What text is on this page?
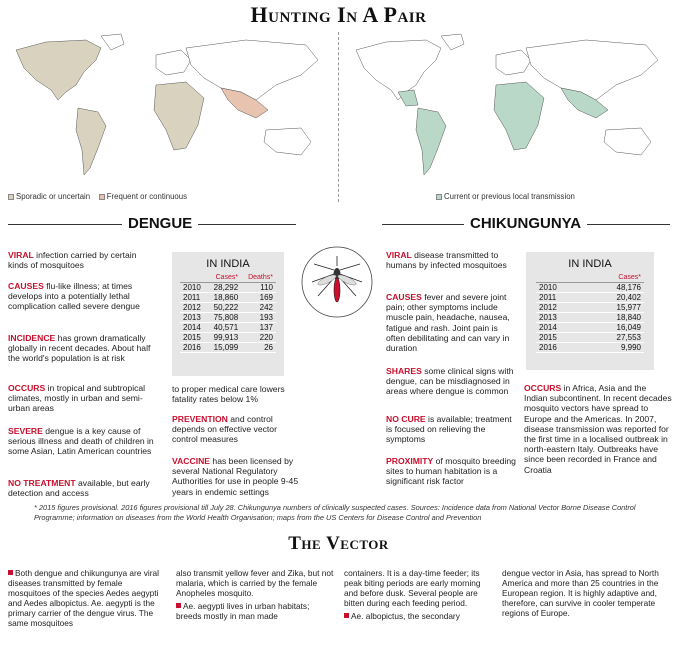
Hunting In A Pair
Sporadic or uncertain Frequent or continuous	Current or previous local transmission
DENGUE	CHIKUNGUNYA
VIRAL infection carried by certain kinds of mosquitoes
CAUSES flu-like illness; at times develops into a potentially lethal complication called severe dengue
INCIDENCE has grown dramatically globally in recent decades. About half the world's population is at risk
OCCURS in tropical and subtropical climates, mostly in urban and semi-urban areas
SEVERE dengue is a key cause of serious illness and death of children in some Asian, Latin American countries
NO TREATMENT available, but early detection and access
IN INDIA
	Cases*	Deaths*
2010	28,292	110
2011	18,860	169
2012	50,222	242
2013	75,808	193
2014	40,571	137
2015	99,913	220
2016	15,099	26
to proper medical care lowers fatality rates below 1%
PREVENTION and control depends on effective vector control measures
VACCINE has been licensed by several National Regulatory Authorities for use in people 9-45 years in endemic settings
VIRAL disease transmitted to humans by infected mosquitoes
CAUSES fever and severe joint pain; other symptoms include muscle pain, headache, nausea, fatigue and rash. Joint pain is often debilitating and can vary in duration
SHARES some clinical signs with dengue, can be misdiagnosed in areas where dengue is common
NO CURE is available; treatment is focused on relieving the symptoms
PROXIMITY of mosquito breeding sites to human habitation is a significant risk factor
IN INDIA
	Cases*
2010	48,176
2011	20,402
2012	15,977
2013	18,840
2014	16,049
2015	27,553
2016	9,990
OCCURS in Africa, Asia and the Indian subcontinent. In recent decades mosquito vectors have spread to Europe and the Americas. In 2007, disease transmission was reported for the first time in a localised outbreak in north-eastern Italy. Outbreaks have since been recorded in France and Croatia
* 2015 figures provisional. 2016 figures provisional till July 28. Chikungunya numbers of clinically suspected cases. Sources: Incidence data from National Vector Borne Disease Control Programme; information on diseases from the World Health Organisation; maps from the US Centers for Disease Control and Prevention
The Vector

Both dengue and chikungunya are viral diseases transmitted by female mosquitoes of the species Aedes aegypti and Aedes albopictus. Ae. aegypti is the primary carrier of the dengue virus. The same mosquitoes

also transmit yellow fever and Zika, but not malaria, which is carried by the female Anopheles mosquito.

Ae. aegypti lives in urban habitats; breeds mostly in man made

containers. It is a day-time feeder; its peak biting periods are early morning and before dusk. Several people are bitten during each feeding period.

Ae. albopictus, the secondary

dengue vector in Asia, has spread to North America and more than 25 countries in the European region. It is highly adaptive and, therefore, can survive in cooler temperate regions of Europe.
